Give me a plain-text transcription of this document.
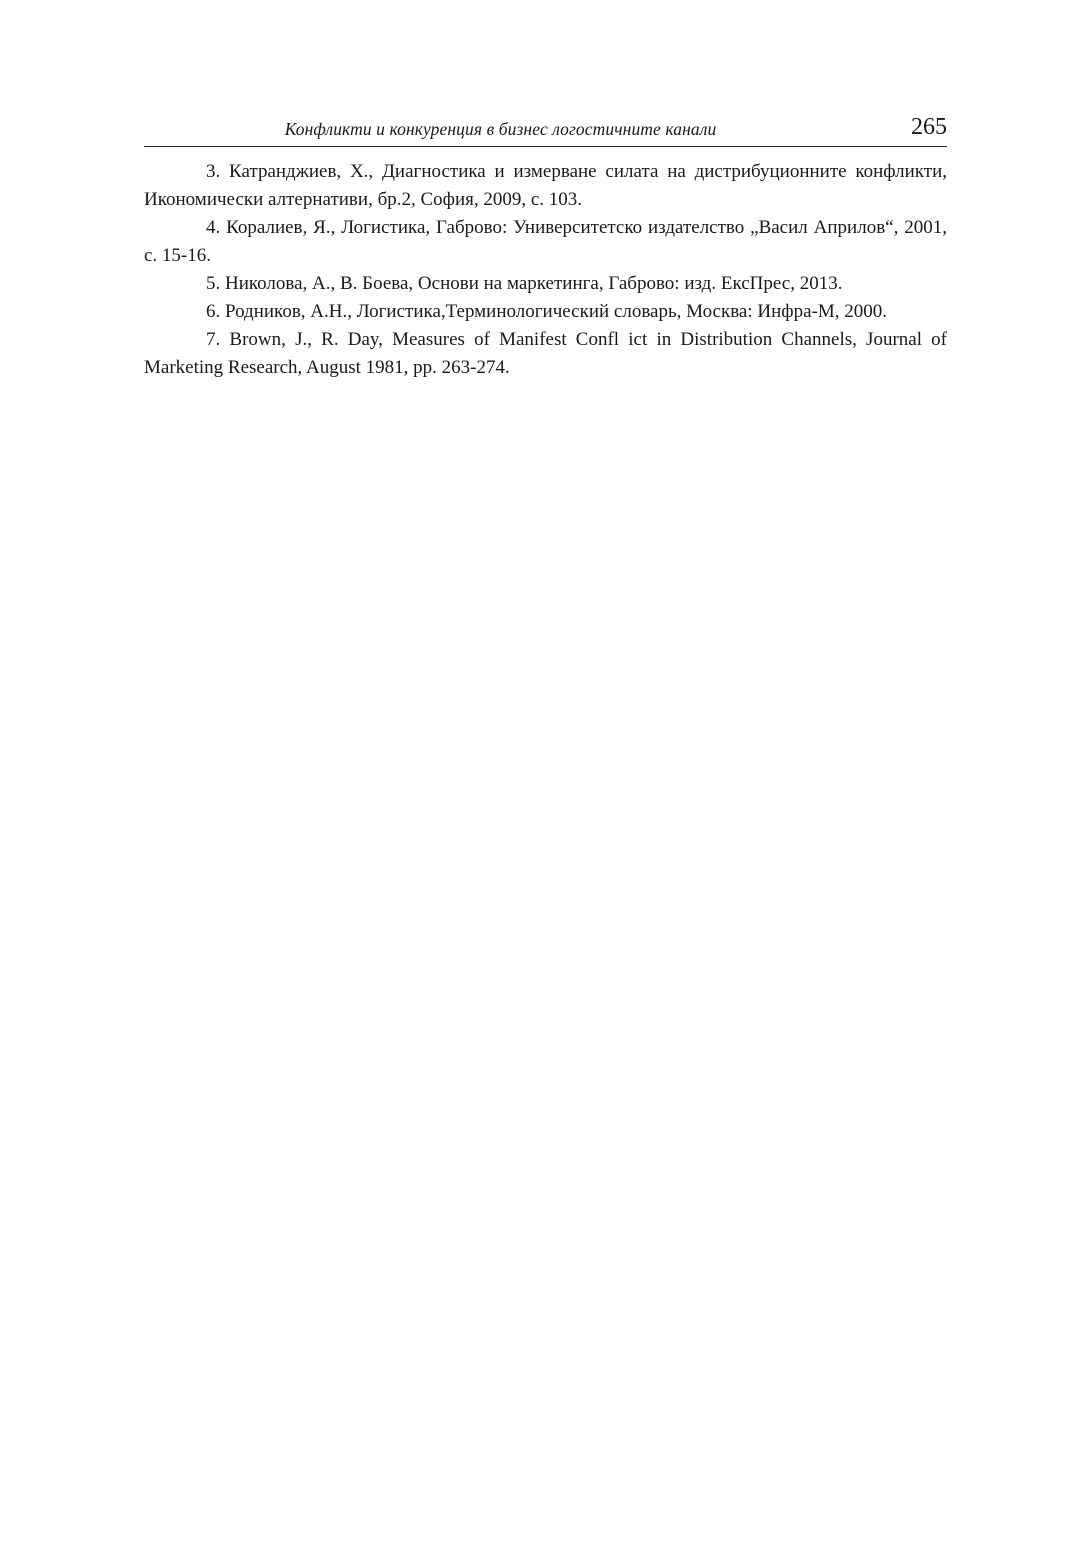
Конфликти и конкуренция в бизнес логостичните канали	265

3. Катранджиев, Х., Диагностика и измерване силата на дистрибуционните конфликти, Икономически алтернативи, бр.2, София, 2009, с. 103.

4. Коралиев, Я., Логистика, Габрово: Университетско издателство „Васил Априлов“, 2001, с. 15-16.

5. Николова, А., В. Боева, Основи на маркетинга, Габрово: изд. ЕксПрес, 2013.

6. Родников, А.Н., Логистика,Терминологический словарь, Москва: Инфра-М, 2000.

7. Brown, J., R. Day, Measures of Manifest Confl ict in Distribution Channels, Journal of Marketing Research, August 1981, pp. 263-274.
